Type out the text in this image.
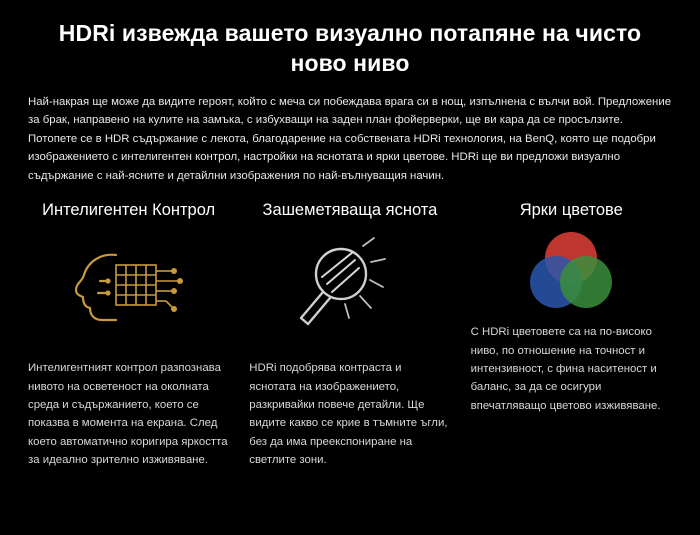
HDRi извежда вашето визуално потапяне на чисто ново ниво

Най-накрая ще може да видите героят, който с меча си побеждава врага си в нощ, изпълнена с вълчи вой. Предложение за брак, направено на кулите на замъка, с избухващи на заден план фойерверки, ще ви кара да се просълзите. Потопете се в HDR съдържание с лекота, благодарение на собствената HDRi технология, на BenQ, която ще подобри изображението с интелигентен контрол, настройки на яснотата и ярки цветове. HDRi ще ви предложи визуално съдържание с най-ясните и детайлни изображения по най-вълнуващия начин.

Интелигентен Контрол
Интелигентният контрол разпознава нивото на осветеност на околната среда и съдържанието, което се показва в момента на екрана. След което автоматично коригира яркостта за идеално зрително изживяване.
Зашеметяваща яснота
HDRi подобрява контраста и яснотата на изображението, разкривайки повече детайли. Ще видите какво се крие в тъмните ъгли, без да има преекспониране на светлите зони.
Ярки цветове
С HDRi цветовете са на по-високо ниво, по отношение на точност и интензивност, с фина наситеност и баланс, за да се осигури впечатляващо цветово изживяване.
